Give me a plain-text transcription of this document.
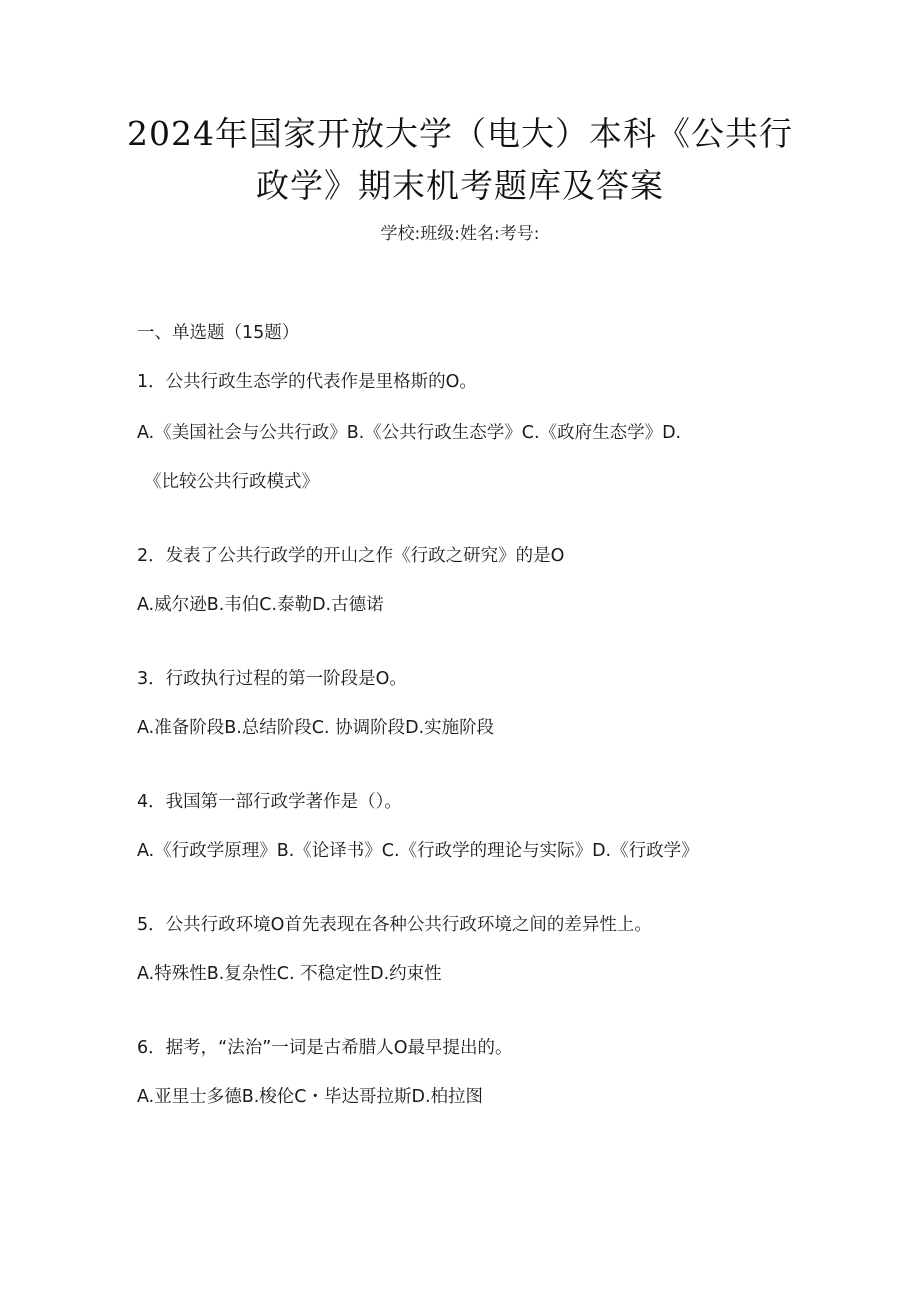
2024年国家开放大学（电大）本科《公共行
政学》期末机考题库及答案
学校:班级:姓名:考号:
一、单选题（15题）
1．公共行政生态学的代表作是里格斯的O。
A.《美国社会与公共行政》B.《公共行政生态学》C.《政府生态学》D.
《比较公共行政模式》
2．发表了公共行政学的开山之作《行政之研究》的是O
A.威尔逊B.韦伯C.泰勒D.古德诺
3．行政执行过程的第一阶段是O。
A.准备阶段B.总结阶段C. 协调阶段D.实施阶段
4．我国第一部行政学著作是（）。
A.《行政学原理》B.《论译书》C.《行政学的理论与实际》D.《行政学》
5．公共行政环境O首先表现在各种公共行政环境之间的差异性上。
A.特殊性B.复杂性C. 不稳定性D.约束性
6．据考，“法治”一词是古希腊人O最早提出的。
A.亚里士多德B.梭伦C・毕达哥拉斯D.柏拉图
